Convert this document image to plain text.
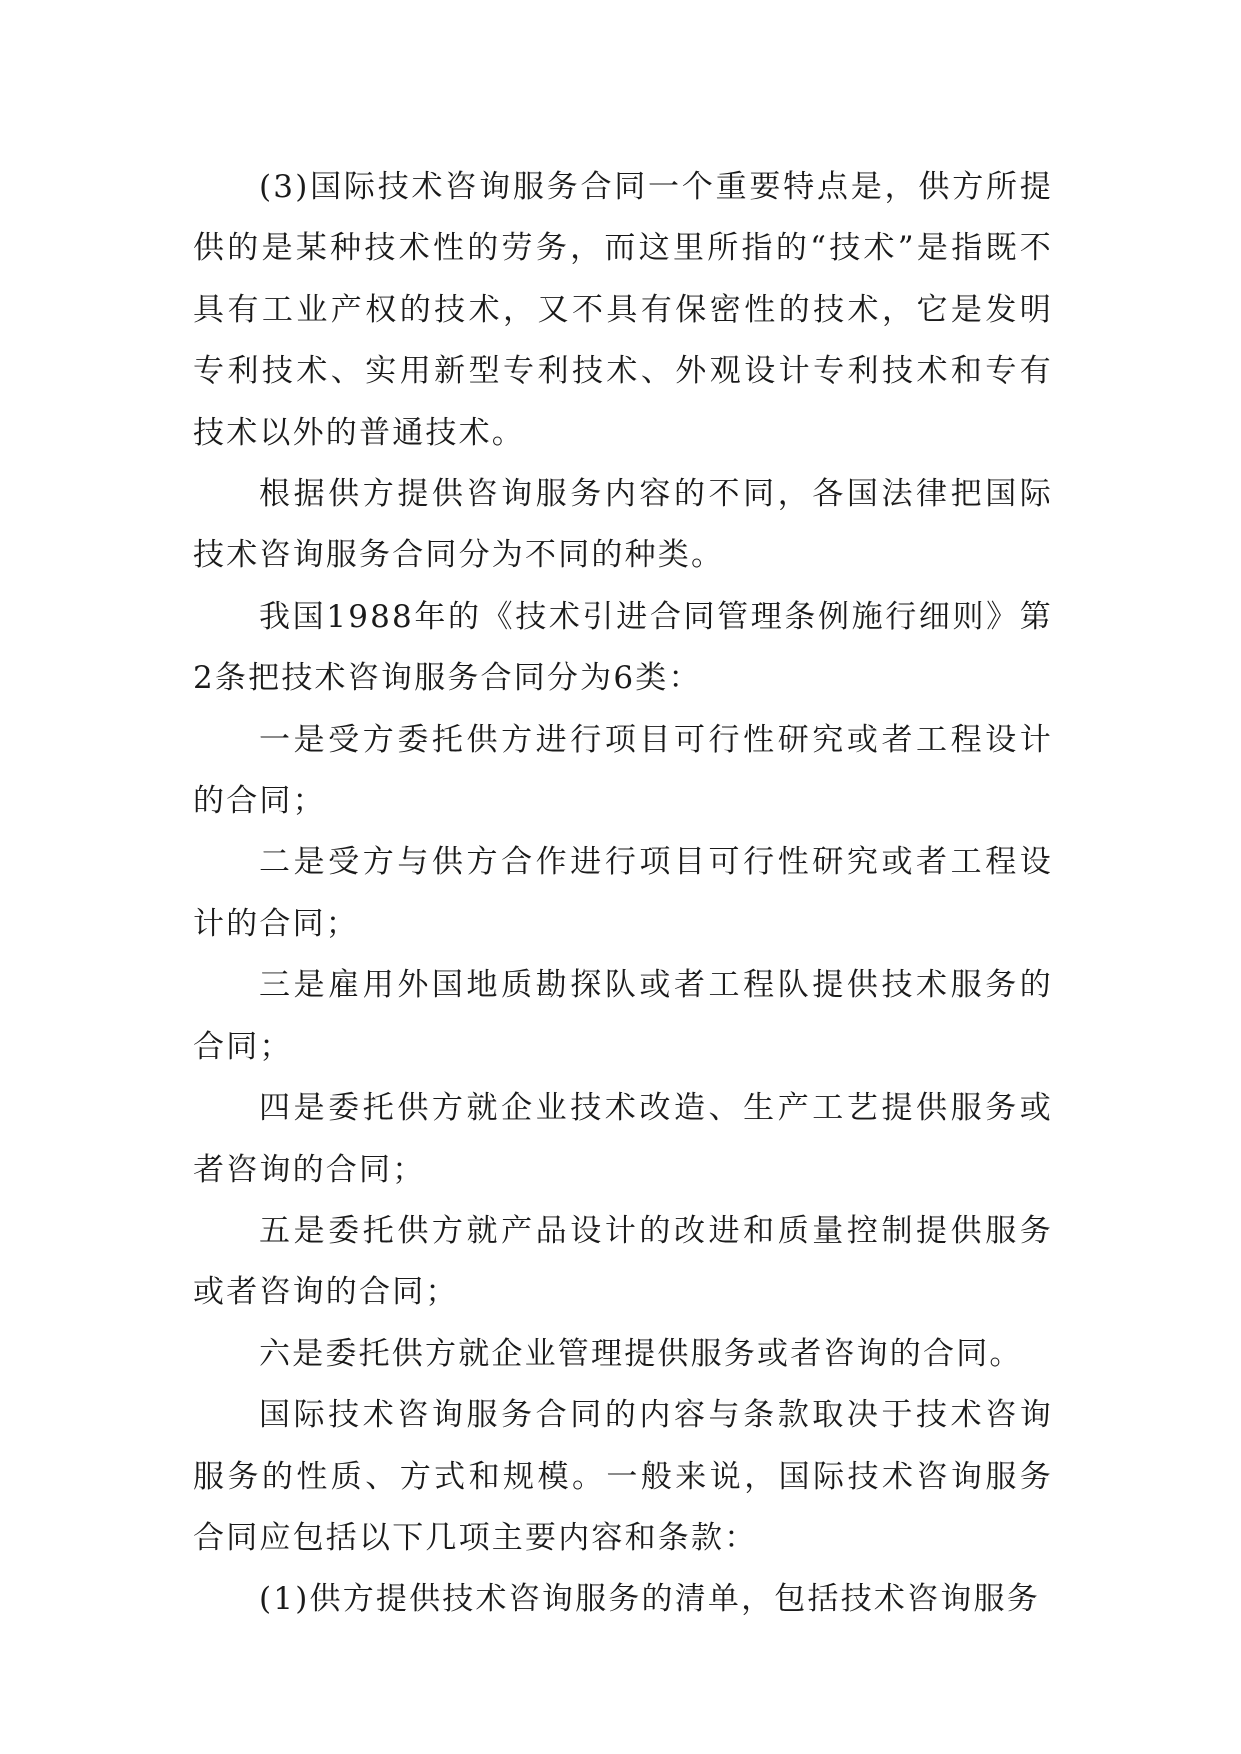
(3)国际技术咨询服务合同一个重要特点是，供方所提供的是某种技术性的劳务，而这里所指的“技术”是指既不具有工业产权的技术，又不具有保密性的技术，它是发明专利技术、实用新型专利技术、外观设计专利技术和专有技术以外的普通技术。

根据供方提供咨询服务内容的不同，各国法律把国际技术咨询服务合同分为不同的种类。

我国1988年的《技术引进合同管理条例施行细则》第2条把技术咨询服务合同分为6类：

一是受方委托供方进行项目可行性研究或者工程设计的合同；

二是受方与供方合作进行项目可行性研究或者工程设计的合同；

三是雇用外国地质勘探队或者工程队提供技术服务的合同；

四是委托供方就企业技术改造、生产工艺提供服务或者咨询的合同；

五是委托供方就产品设计的改进和质量控制提供服务或者咨询的合同；

六是委托供方就企业管理提供服务或者咨询的合同。

国际技术咨询服务合同的内容与条款取决于技术咨询服务的性质、方式和规模。一般来说，国际技术咨询服务合同应包括以下几项主要内容和条款：

(1)供方提供技术咨询服务的清单，包括技术咨询服务
